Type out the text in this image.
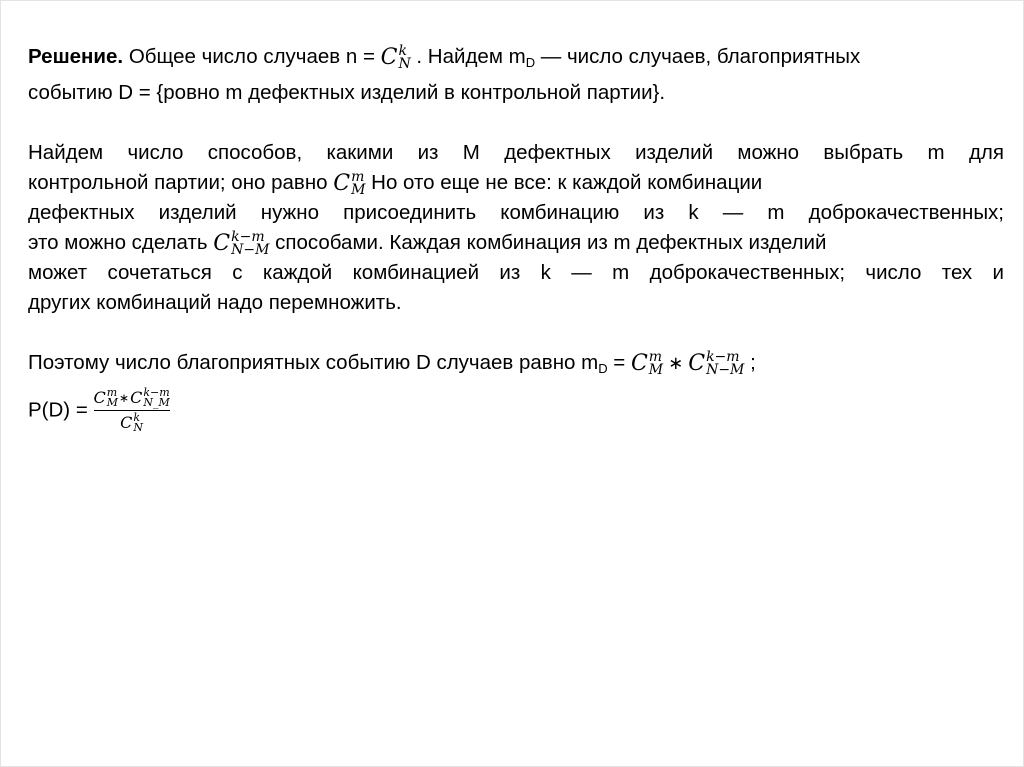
Решение. Общее число случаев n = C k
N . Найдем $m_D$ — число случаев, благоприятных
событию D = {ровно m дефектных изделий в контрольной партии}.

Найдем число способов, какими из M дефектных изделий можно выбрать m для
контрольной партии; оно равно C m
M Но ото еще не все: к каждой комбинации
дефектных изделий нужно присоединить комбинацию из k — m доброкачественных;
это можно сделать C k−m
N−M способами. Каждая комбинация из m дефектных изделий
может сочетаться с каждой комбинацией из k — m доброкачественных; число тех и
других комбинаций надо перемножить.

Поэтому число благоприятных событию D случаев равно $m_D = C$ m
M ∗ C k−m
N−M ;

P(D) = C m
M ∗ C k−m
N_M
C k
N
